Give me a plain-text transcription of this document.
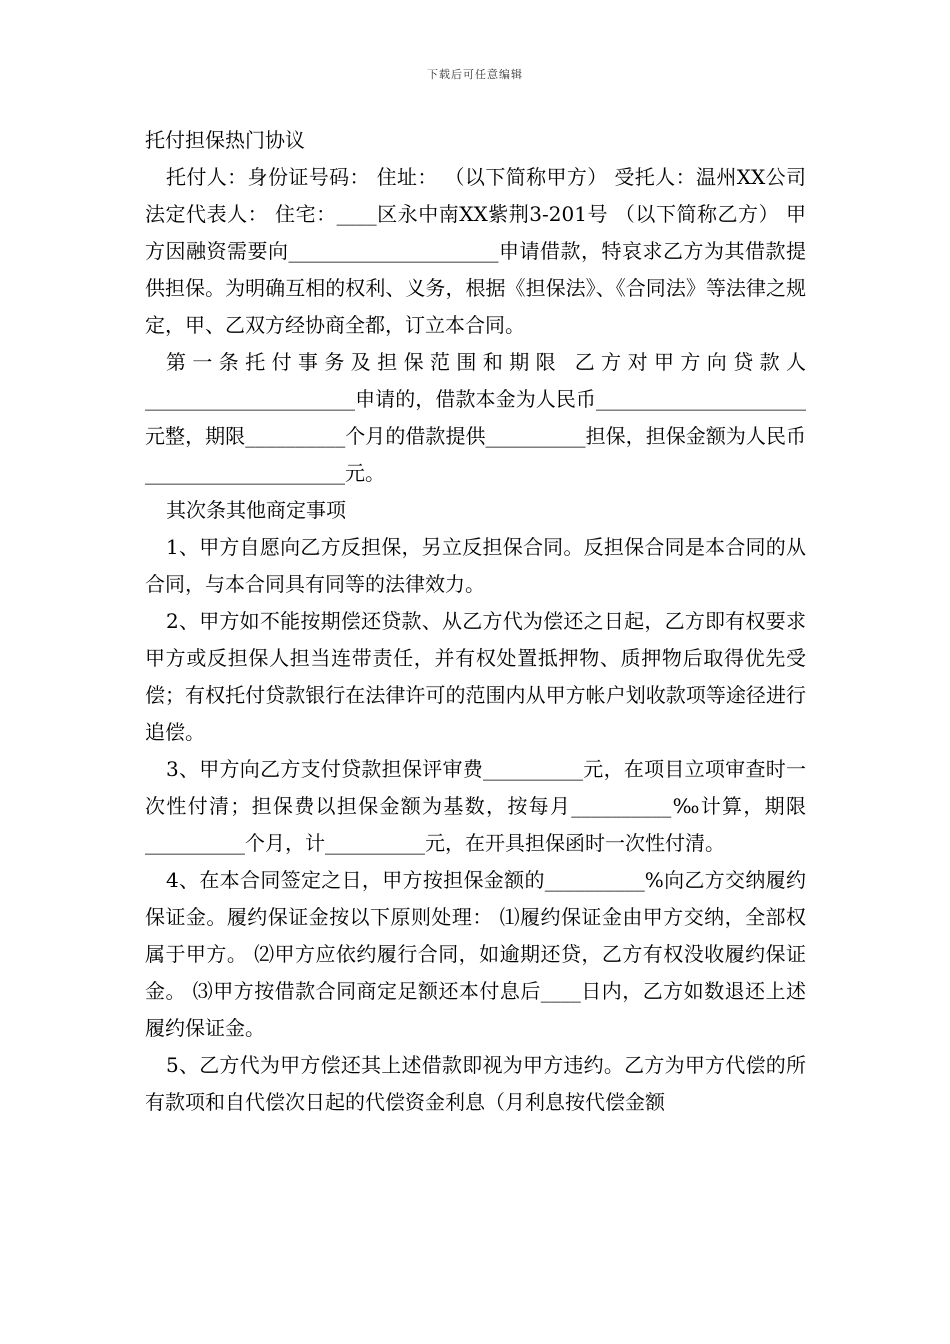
下载后可任意编辑

托付担保热门协议

托付人：身份证号码： 住址： （以下简称甲方） 受托人：温州XX公司法定代表人： 住宅：____区永中南XX紫荆3-201号 （以下简称乙方） 甲方因融资需要向_____________________申请借款，特哀求乙方为其借款提供担保。为明确互相的权利、义务，根据《担保法》、《合同法》等法律之规定，甲、乙双方经协商全都，订立本合同。

第一条托付事务及担保范围和期限 乙方对甲方向贷款人_____________________申请的，借款本金为人民币_____________________元整，期限__________个月的借款提供__________担保，担保金额为人民币____________________元。

其次条其他商定事项

1、甲方自愿向乙方反担保，另立反担保合同。反担保合同是本合同的从合同，与本合同具有同等的法律效力。

2、甲方如不能按期偿还贷款、从乙方代为偿还之日起，乙方即有权要求甲方或反担保人担当连带责任，并有权处置抵押物、质押物后取得优先受偿；有权托付贷款银行在法律许可的范围内从甲方帐户划收款项等途径进行追偿。

3、甲方向乙方支付贷款担保评审费__________元，在项目立项审查时一次性付清；担保费以担保金额为基数，按每月__________‰计算，期限__________个月，计__________元，在开具担保函时一次性付清。

4、在本合同签定之日，甲方按担保金额的__________%向乙方交纳履约保证金。履约保证金按以下原则处理： ⑴履约保证金由甲方交纳，全部权属于甲方。 ⑵甲方应依约履行合同，如逾期还贷，乙方有权没收履约保证金。 ⑶甲方按借款合同商定足额还本付息后____日内，乙方如数退还上述履约保证金。

5、乙方代为甲方偿还其上述借款即视为甲方违约。乙方为甲方代偿的所有款项和自代偿次日起的代偿资金利息（月利息按代偿金额
